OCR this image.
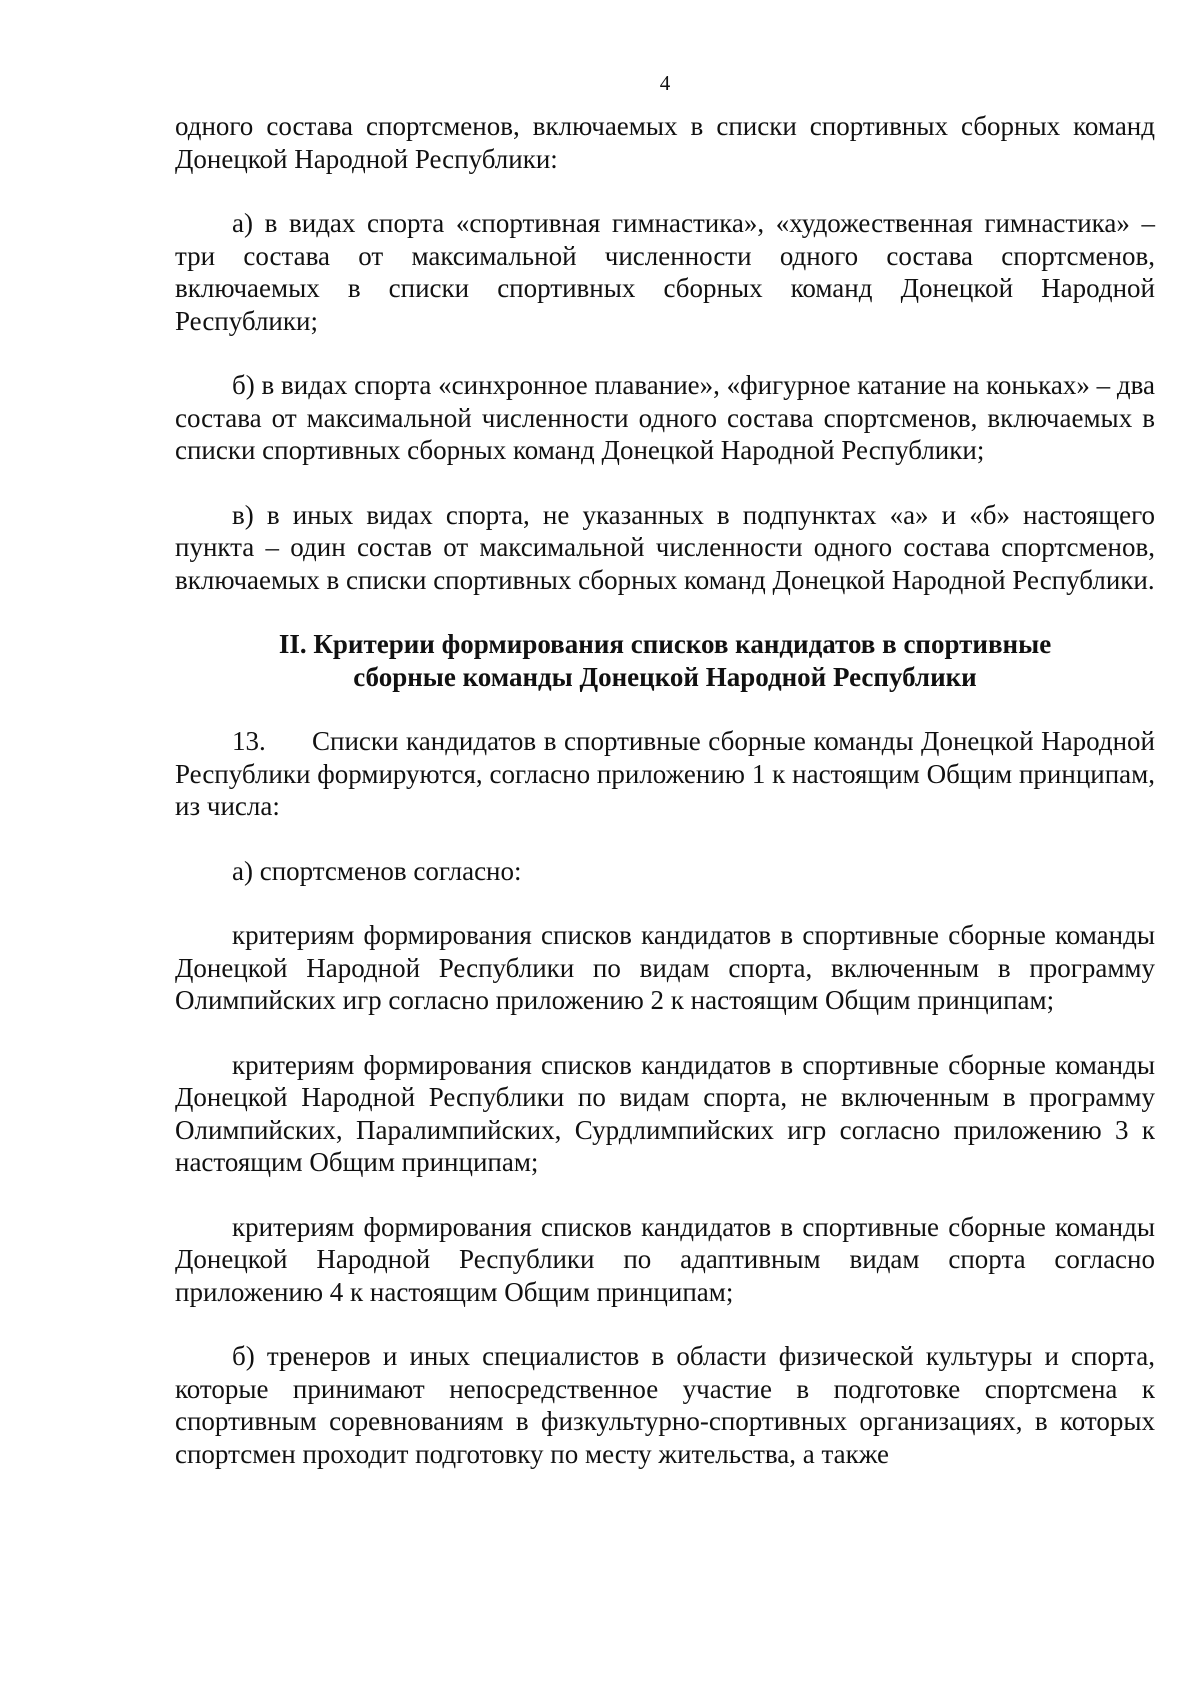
4

одного состава спортсменов, включаемых в списки спортивных сборных команд Донецкой Народной Республики:

а) в видах спорта «спортивная гимнастика», «художественная гимнастика» – три состава от максимальной численности одного состава спортсменов, включаемых в списки спортивных сборных команд Донецкой Народной Республики;

б) в видах спорта «синхронное плавание», «фигурное катание на коньках» – два состава от максимальной численности одного состава спортсменов, включаемых в списки спортивных сборных команд Донецкой Народной Республики;

в) в иных видах спорта, не указанных в подпунктах «а» и «б» настоящего пункта – один состав от максимальной численности одного состава спортсменов, включаемых в списки спортивных сборных команд Донецкой Народной Республики.

II. Критерии формирования списков кандидатов в спортивные
сборные команды Донецкой Народной Республики

13. Списки кандидатов в спортивные сборные команды Донецкой Народной Республики формируются, согласно приложению 1 к настоящим Общим принципам, из числа:

а) спортсменов согласно:

критериям формирования списков кандидатов в спортивные сборные команды Донецкой Народной Республики по видам спорта, включенным в программу Олимпийских игр согласно приложению 2 к настоящим Общим принципам;

критериям формирования списков кандидатов в спортивные сборные команды Донецкой Народной Республики по видам спорта, не включенным в программу Олимпийских, Паралимпийских, Сурдлимпийских игр согласно приложению 3 к настоящим Общим принципам;

критериям формирования списков кандидатов в спортивные сборные команды Донецкой Народной Республики по адаптивным видам спорта согласно приложению 4 к настоящим Общим принципам;

б) тренеров и иных специалистов в области физической культуры и спорта, которые принимают непосредственное участие в подготовке спортсмена к спортивным соревнованиям в физкультурно-спортивных организациях, в которых спортсмен проходит подготовку по месту жительства, а также
